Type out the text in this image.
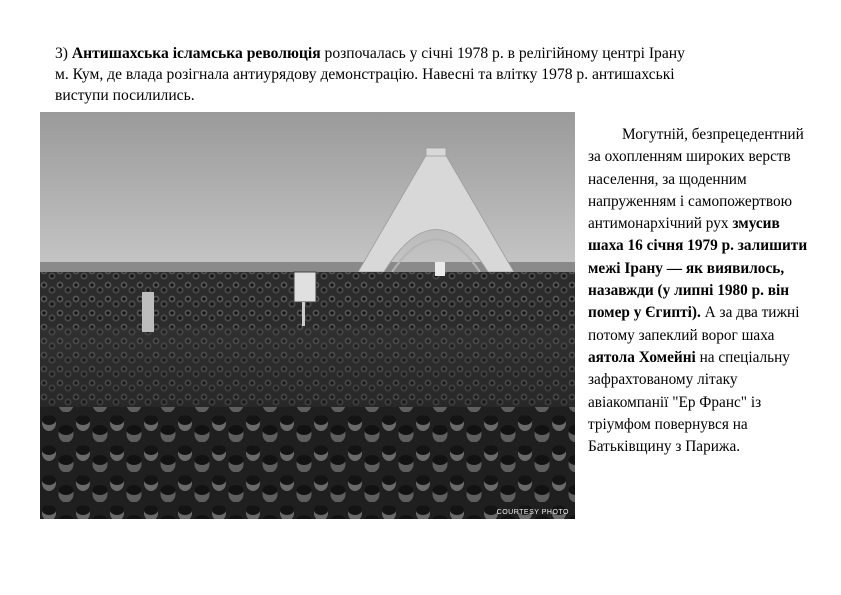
3) Антишахська ісламська революція розпочалась у січні 1978 р. в релігійному центрі Ірану
м. Кум, де влада розігнала антиурядову демонстрацію. Навесні та влітку 1978 р. антишахські
виступи посилились.

COURTESY PHOTO

Могутній, безпрецедентний за охопленням широких верств населення, за щоденним напруженням і самопожертвою антимонархічний рух змусив шаха 16 січня 1979 р. залишити межі Ірану — як виявилось, назавжди (у липні 1980 р. він помер у Єгипті). А за два тижні потому запеклий ворог шаха аятола Хомейні на спеціальну зафрахтованому літаку авіакомпанії "Ер Франс" із тріумфом повернувся на Батьківщину з Парижа.
